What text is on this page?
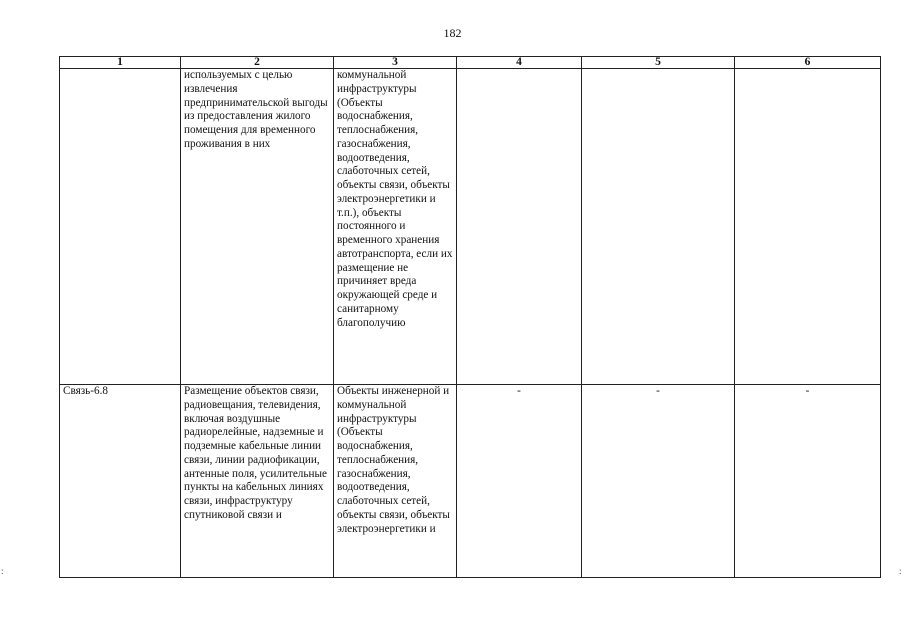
182
1	2	3	4	5	6
	используемых с целью извлечения предпринимательской выгоды из предоставления жилого помещения для временного проживания в них	коммунальной инфраструктуры (Объекты водоснабжения, теплоснабжения, газоснабжения, водоотведения, слаботочных сетей, объекты связи, объекты электроэнергетики и т.п.), объекты постоянного и временного хранения автотранспорта, если их размещение не причиняет вреда окружающей среде и санитарному благополучию			
Связь-6.8	Размещение объектов связи, радиовещания, телевидения, включая воздушные радиорелейные, надземные и подземные кабельные линии связи, линии радиофикации, антенные поля, усилительные пункты на кабельных линиях связи, инфраструктуру спутниковой связи и	Объекты инженерной и коммунальной инфраструктуры (Объекты водоснабжения, теплоснабжения, газоснабжения, водоотведения, слаботочных сетей, объекты связи, объекты электроэнергетики и	-	-	-
:	:
